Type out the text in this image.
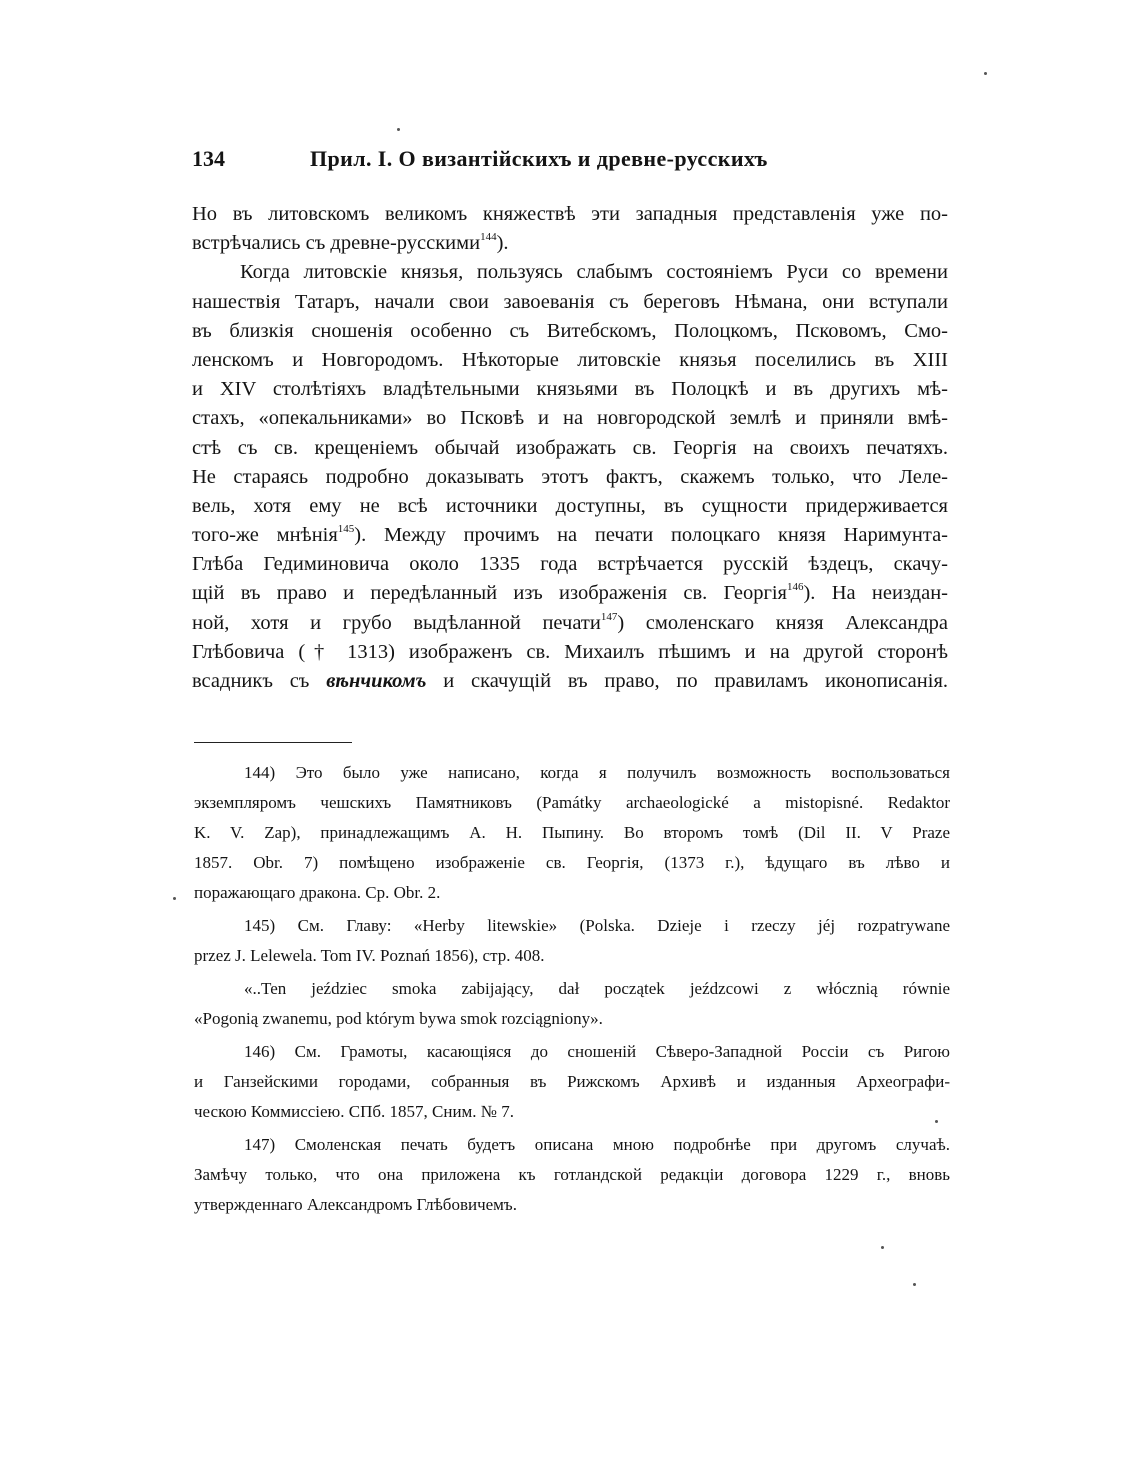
134	Прил. I. О византійскихъ и древне-русскихъ
Но въ литовскомъ великомъ княжествѣ эти западныя представленія уже по-
встрѣчались съ древне-русскими$^{144}$).
Когда литовскіе князья, пользуясь слабымъ состояніемъ Руси со времени
нашествія Татаръ, начали свои завоеванія съ береговъ Нѣмана, они вступали
въ близкія сношенія особенно съ Витебскомъ, Полоцкомъ, Псковомъ, Смо-
ленскомъ и Новгородомъ. Нѣкоторые литовскіе князья поселились въ XIII
и XIV столѣтіяхъ владѣтельными князьями въ Полоцкѣ и въ другихъ мѣ-
стахъ, «опекальниками» во Псковѣ и на новгородской землѣ и приняли вмѣ-
стѣ съ св. крещеніемъ обычай изображать св. Георгія на своихъ печатяхъ.
Не стараясь подробно доказывать этотъ фактъ, скажемъ только, что Леле-
вель, хотя ему не всѣ источники доступны, въ сущности придерживается
того-же мнѣнія$^{145}$). Между прочимъ на печати полоцкаго князя Наримунта-
Глѣба Гедиминовича около 1335 года встрѣчается русскій ѣздецъ, скачу-
щій въ право и передѣланный изъ изображенія св. Георгія$^{146}$). На неиздан-
ной, хотя и грубо выдѣланной печати$^{147}$) смоленскаго князя Александра
Глѣбовича († 1313) изображенъ св. Михаилъ пѣшимъ и на другой сторонѣ
всадникъ съ вѣнчикомъ и скачущій въ право, по правиламъ иконописанія.
144) Это было уже написано, когда я получилъ возможность воспользоваться
экземпляромъ чешскихъ Памятниковъ (Památky archaeologické a mistopisné. Redaktor
K. V. Zap), принадлежащимъ А. Н. Пыпину. Во второмъ томѣ (Dil II. V Praze
1857. Obr. 7) помѣщено изображеніе св. Георгія, (1373 г.), ѣдущаго въ лѣво и
поражающаго дракона. Ср. Obr. 2.
145) См. Главу: «Herby litewskie» (Polska. Dzieje i rzeczy jéj rozpatrywane
przez J. Lelewela. Tom IV. Poznań 1856), стр. 408.
«..Ten jeździec smoka zabijający, dał początek jeźdzcowi z włócznią równie
«Pogonią zwanemu, pod którym bywa smok rozciągniony».
146) См. Грамоты, касающіяся до сношеній Сѣверо-Западной Россіи съ Ригою
и Ганзейскими городами, собранныя въ Рижскомъ Архивѣ и изданныя Археографи-
ческою Коммиссіею. СПб. 1857, Сним. № 7.
147) Смоленская печать будетъ описана мною подробнѣе при другомъ случаѣ.
Замѣчу только, что она приложена къ готландской редакціи договора 1229 г., вновь
утвержденнаго Александромъ Глѣбовичемъ.
